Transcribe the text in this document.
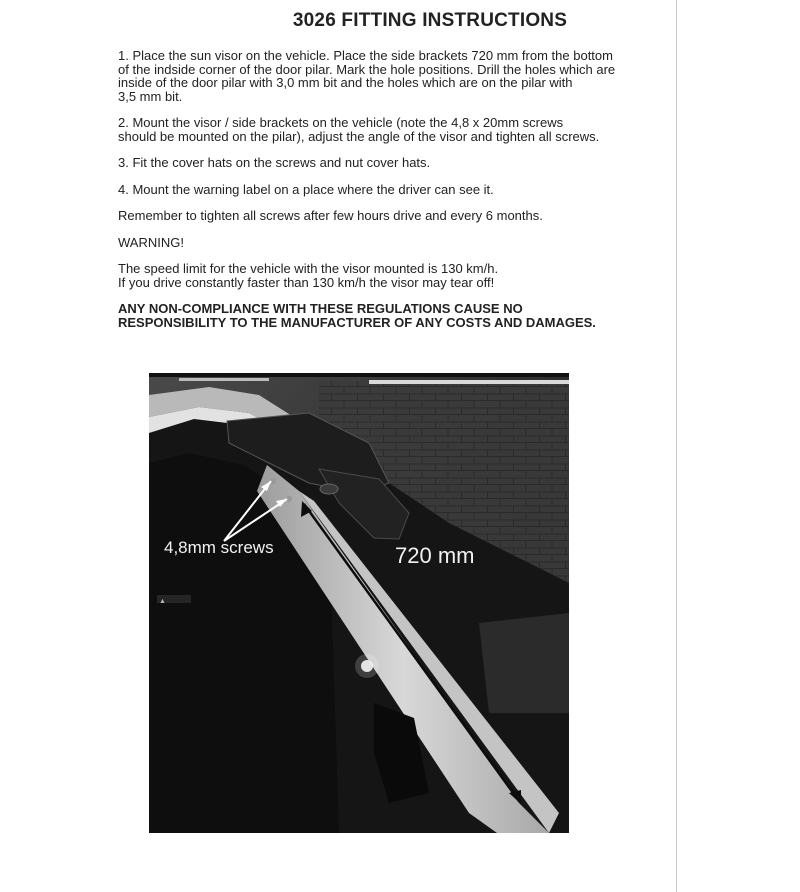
3026 FITTING INSTRUCTIONS

1. Place the sun visor on the vehicle. Place the side brackets 720 mm from the bottom
of the indside corner of the door pilar. Mark the hole positions. Drill the holes which are
inside of the door pilar with 3,0 mm bit and the holes which are on the pilar with
3,5 mm bit.

2. Mount the visor / side brackets on the vehicle (note the 4,8 x 20mm screws
should be mounted on the pilar), adjust the angle of the visor and tighten all screws.

3. Fit the cover hats on the screws and nut cover hats.

4. Mount the warning label on a place where the driver can see it.

Remember to tighten all screws after few hours drive and every 6 months.

WARNING!

The speed limit for the vehicle with the visor mounted is 130 km/h.
If you drive constantly faster than 130 km/h the visor may tear off!

ANY NON-COMPLIANCE WITH THESE REGULATIONS CAUSE NO
RESPONSIBILITY TO THE MANUFACTURER OF ANY COSTS AND DAMAGES.

▲
4,8mm screws	720 mm
